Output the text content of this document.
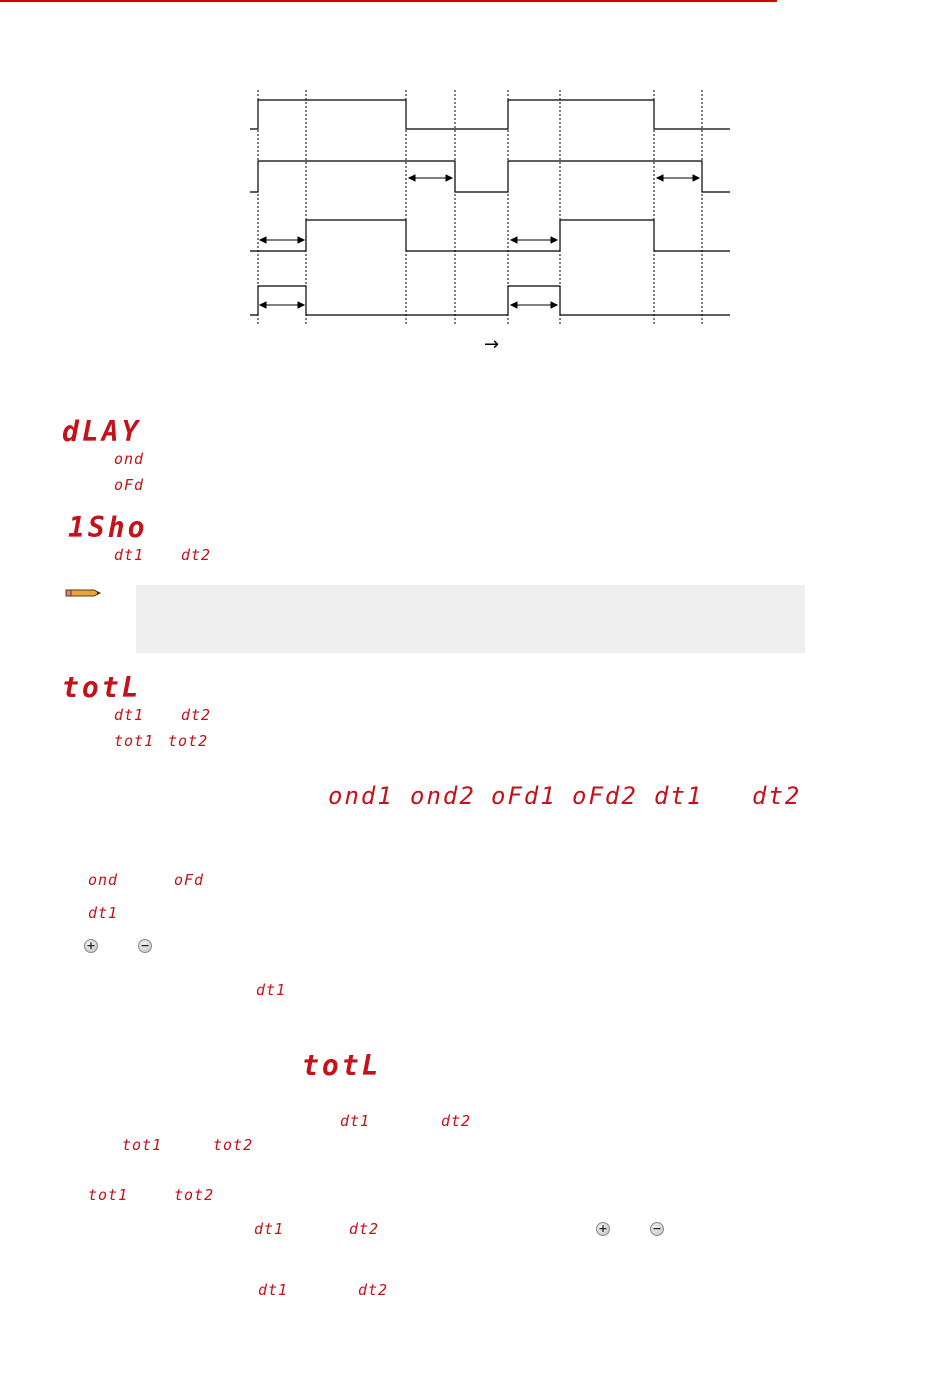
→
dLAY
ond
oFd
1Sho
dt1 dt2
totL
dt1 dt2
tot1 tot2
ond1 ond2 oFd1 oFd2 dt1 dt2
ond	oFd
dt1
+	−
dt1
totL
dt1	dt2
tot1	tot2
tot1	tot2
dt1	dt2	+	−
dt1	dt2
